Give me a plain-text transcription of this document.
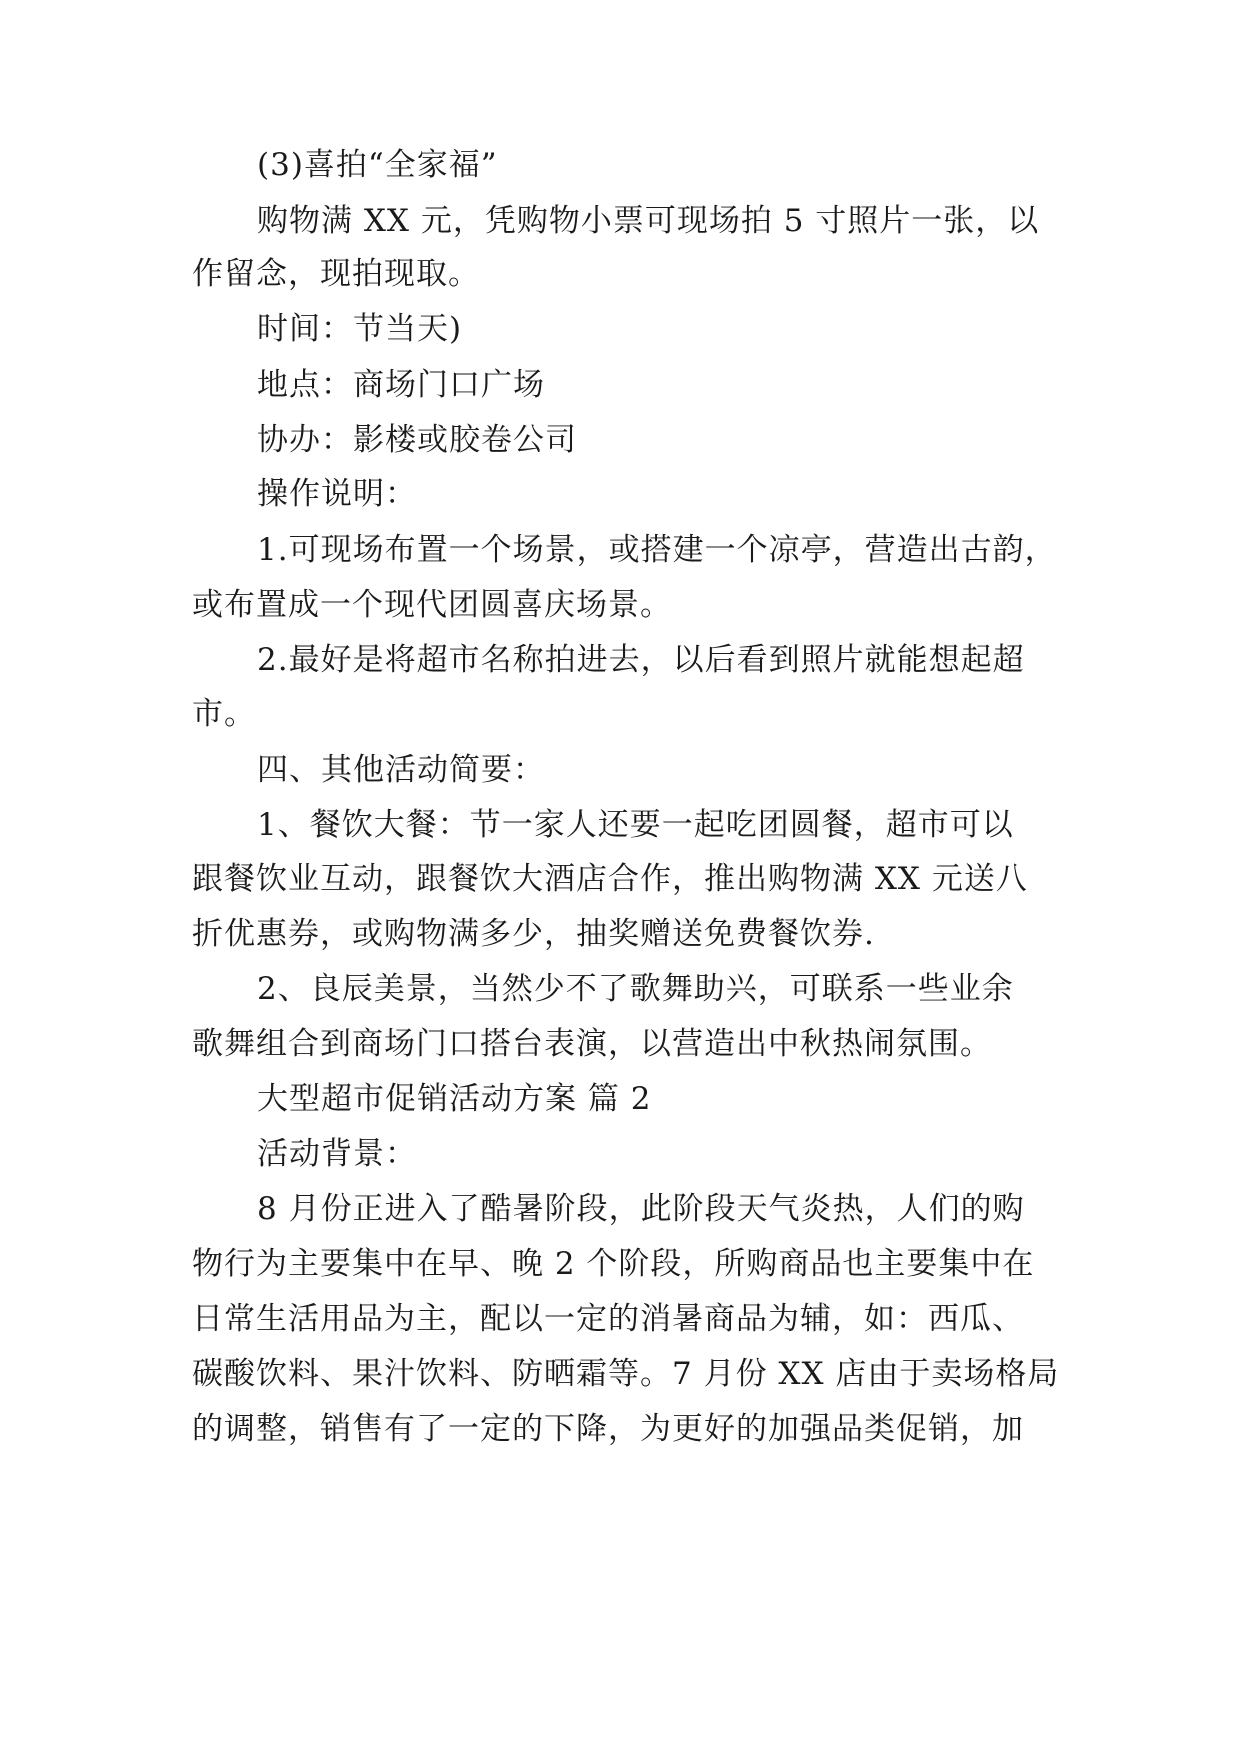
(3)喜拍“全家福”
购物满 XX 元，凭购物小票可现场拍 5 寸照片一张，以
作留念，现拍现取。
时间：节当天)
地点：商场门口广场
协办：影楼或胶卷公司
操作说明：
1.可现场布置一个场景，或搭建一个凉亭，营造出古韵，
或布置成一个现代团圆喜庆场景。
2.最好是将超市名称拍进去，以后看到照片就能想起超
市。
四、其他活动简要：
1、餐饮大餐：节一家人还要一起吃团圆餐，超市可以
跟餐饮业互动，跟餐饮大酒店合作，推出购物满 XX 元送八
折优惠券，或购物满多少，抽奖赠送免费餐饮券.
2、良辰美景，当然少不了歌舞助兴，可联系一些业余
歌舞组合到商场门口搭台表演，以营造出中秋热闹氛围。
大型超市促销活动方案 篇 2
活动背景：
8 月份正进入了酷暑阶段，此阶段天气炎热，人们的购
物行为主要集中在早、晚 2 个阶段，所购商品也主要集中在
日常生活用品为主，配以一定的消暑商品为辅，如：西瓜、
碳酸饮料、果汁饮料、防晒霜等。7 月份 XX 店由于卖场格局
的调整，销售有了一定的下降，为更好的加强品类促销，加
